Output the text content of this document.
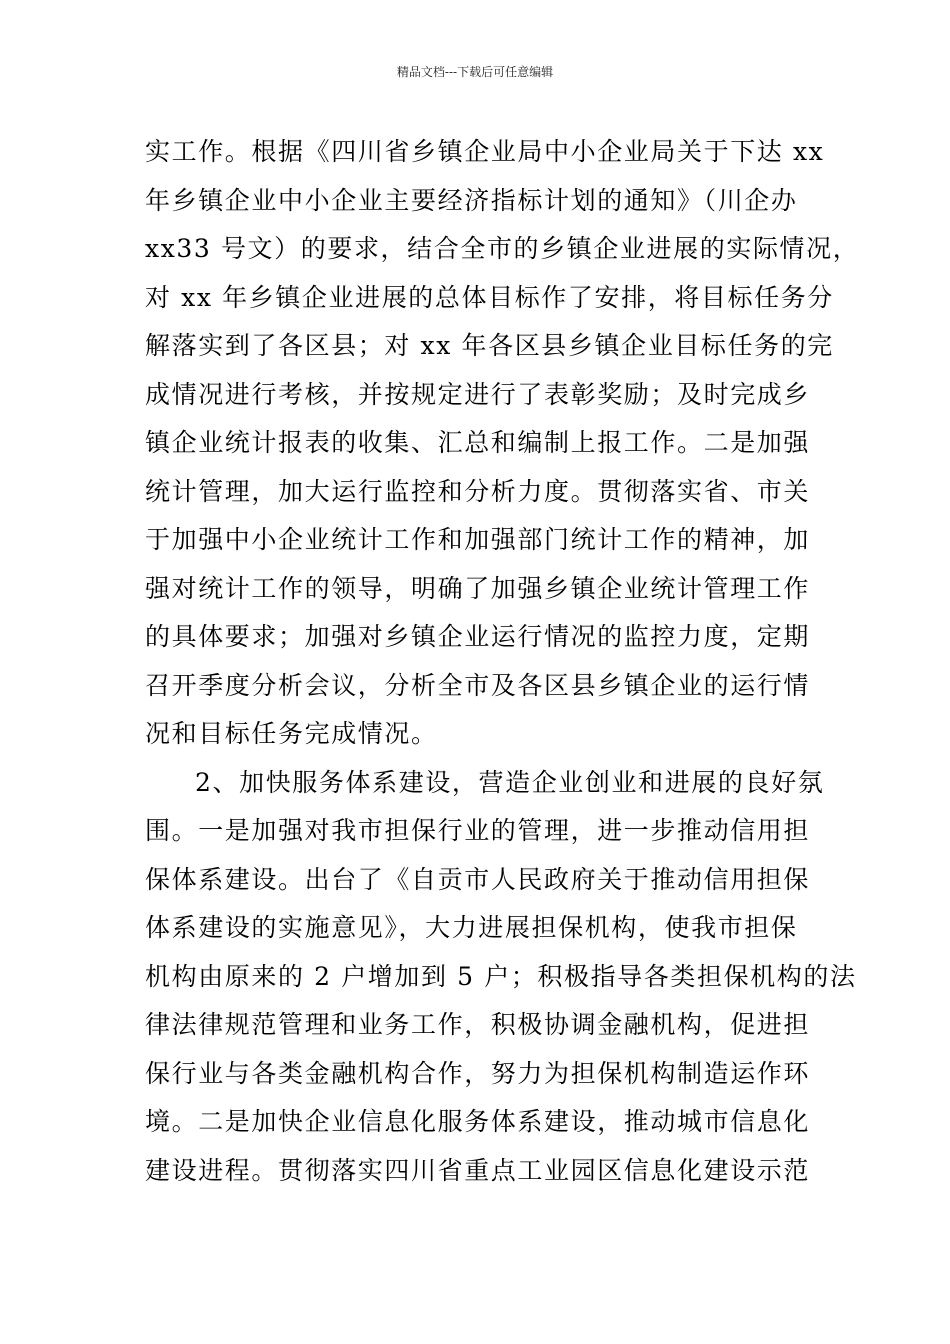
精品文档---下载后可任意编辑
实工作。根据《四川省乡镇企业局中小企业局关于下达 xx
年乡镇企业中小企业主要经济指标计划的通知》（川企办
xx33 号文）的要求，结合全市的乡镇企业进展的实际情况，
对 xx 年乡镇企业进展的总体目标作了安排，将目标任务分
解落实到了各区县；对 xx 年各区县乡镇企业目标任务的完
成情况进行考核，并按规定进行了表彰奖励；及时完成乡
镇企业统计报表的收集、汇总和编制上报工作。二是加强
统计管理，加大运行监控和分析力度。贯彻落实省、市关
于加强中小企业统计工作和加强部门统计工作的精神，加
强对统计工作的领导，明确了加强乡镇企业统计管理工作
的具体要求；加强对乡镇企业运行情况的监控力度，定期
召开季度分析会议，分析全市及各区县乡镇企业的运行情
况和目标任务完成情况。
2、加快服务体系建设，营造企业创业和进展的良好氛
围。一是加强对我市担保行业的管理，进一步推动信用担
保体系建设。出台了《自贡市人民政府关于推动信用担保
体系建设的实施意见》，大力进展担保机构，使我市担保
机构由原来的 2 户增加到 5 户；积极指导各类担保机构的法
律法律规范管理和业务工作，积极协调金融机构，促进担
保行业与各类金融机构合作，努力为担保机构制造运作环
境。二是加快企业信息化服务体系建设，推动城市信息化
建设进程。贯彻落实四川省重点工业园区信息化建设示范
